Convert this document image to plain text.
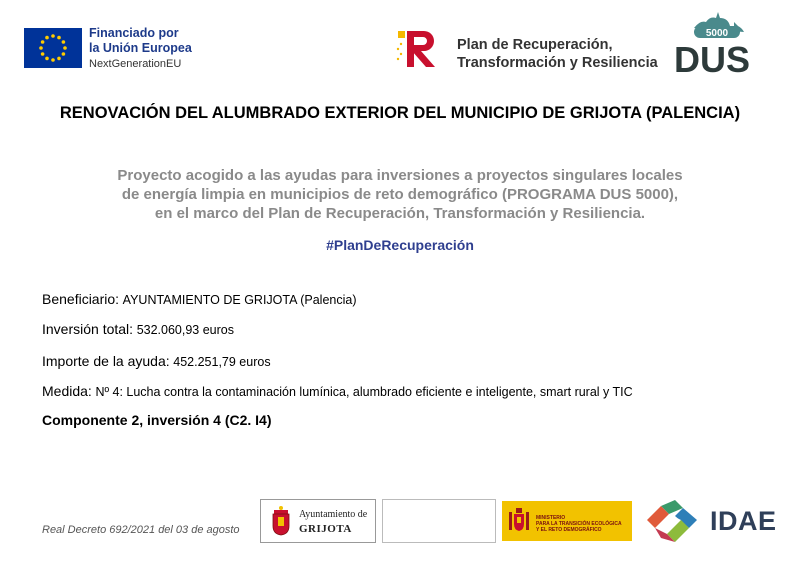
Financiado por
la Unión Europea
NextGenerationEU
Plan de Recuperación,
Transformación y Resiliencia
5000
DUS
RENOVACIÓN DEL ALUMBRADO EXTERIOR DEL MUNICIPIO DE GRIJOTA (PALENCIA)
Proyecto acogido a las ayudas para inversiones a proyectos singulares locales
de energía limpia en municipios de reto demográfico (PROGRAMA DUS 5000),
en el marco del Plan de Recuperación, Transformación y Resiliencia.
#PlanDeRecuperación
Beneficiario: AYUNTAMIENTO DE GRIJOTA (Palencia)
Inversión total: 532.060,93 euros
Importe de la ayuda: 452.251,79 euros
Medida: Nº 4: Lucha contra la contaminación lumínica, alumbrado eficiente e inteligente, smart rural y TIC
Componente 2, inversión 4 (C2. I4)
Real Decreto 692/2021 del 03 de agosto
Ayuntamiento de
GRIJOTA
MINISTERIO
PARA LA TRANSICIÓN ECOLÓGICA
Y EL RETO DEMOGRÁFICO	IDAE
